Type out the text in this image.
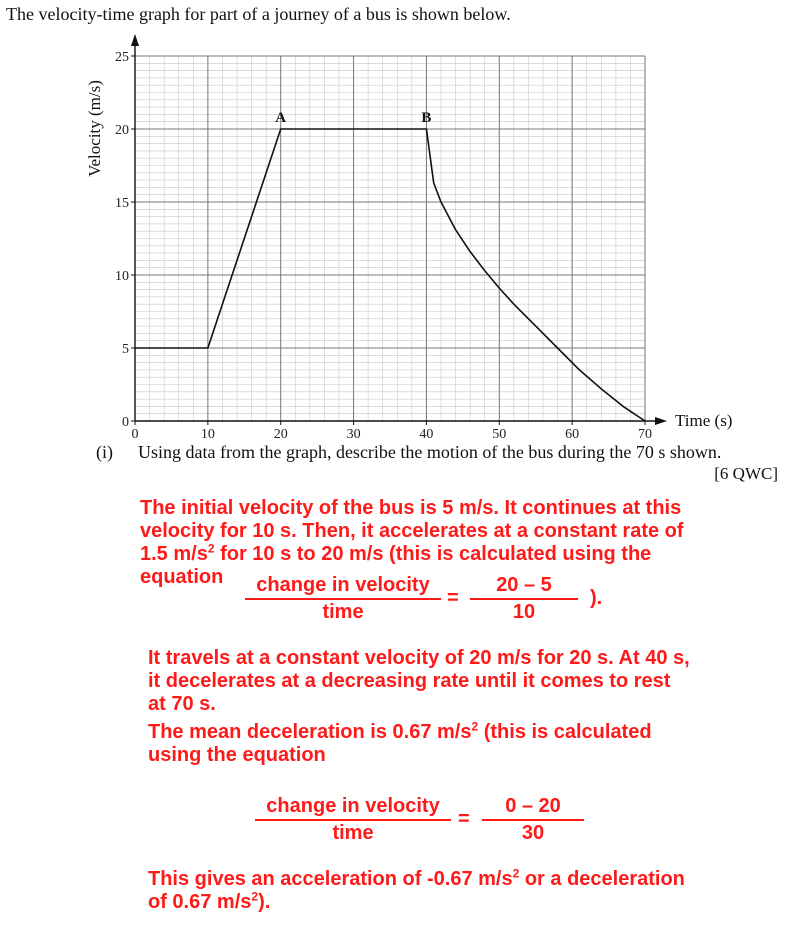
The velocity-time graph for part of a journey of a bus is shown below.
0	10	20	30	40	50	60	70
0
5
10
15
20
25
A	B
Time (s)
Velocity (m/s)
(i) Using data from the graph, describe the motion of the bus during the 70 s shown.
[6 QWC]
The initial velocity of the bus is 5 m/s. It continues at this
velocity for 10 s. Then, it accelerates at a constant rate of
1.5 $m/s^2$ for 10 s to 20 m/s (this is calculated using the
equation	change in velocity
time
= $\frac{20 - 5}{10}$ ).
It travels at a constant velocity of 20 m/s for 20 s. At 40 s,
it decelerates at a decreasing rate until it comes to rest
at 70 s.
The mean deceleration is 0.67 $m/s^2$ (this is calculated
using the equation
change in velocity
time
= $\frac{0 - 20}{30}$
This gives an acceleration of -0.67 $m/s^2$ or a deceleration
of 0.67 $m/s^2$).
